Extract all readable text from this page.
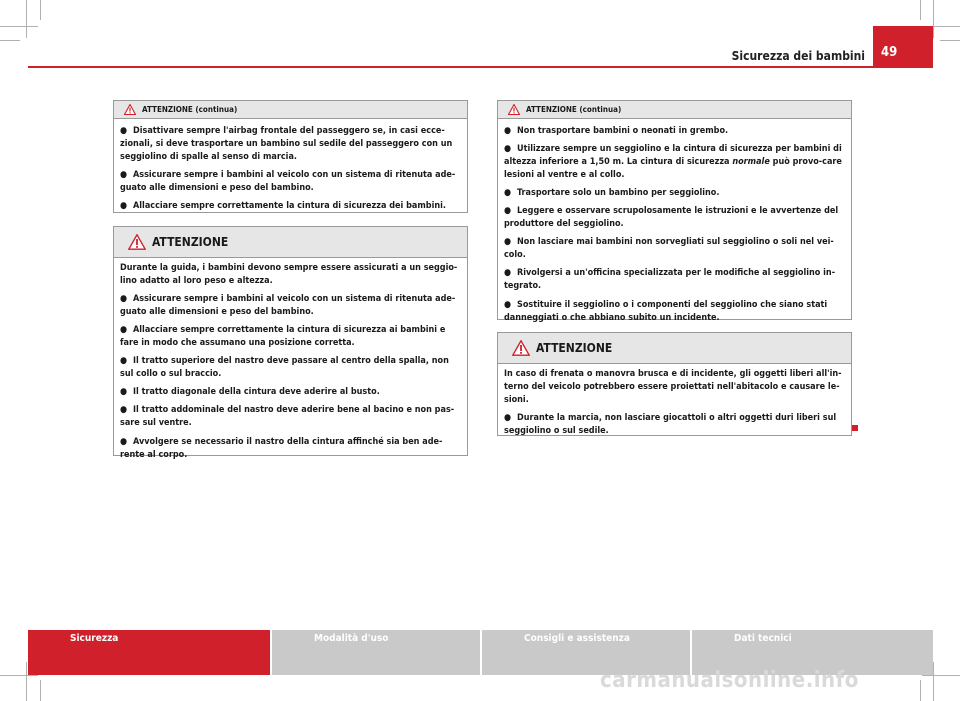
Sicurezza dei bambini 49
ATTENZIONE (continua)
● Disattivare sempre l'airbag frontale del passeggero se, in casi ecce-zionali, si deve trasportare un bambino sul sedile del passeggero con un seggiolino di spalle al senso di marcia.
● Assicurare sempre i bambini al veicolo con un sistema di ritenuta ade-guato alle dimensioni e peso del bambino.
● Allacciare sempre correttamente la cintura di sicurezza dei bambini.
ATTENZIONE

Durante la guida, i bambini devono sempre essere assicurati a un seggio-lino adatto al loro peso e altezza.

● Assicurare sempre i bambini al veicolo con un sistema di ritenuta ade-guato alle dimensioni e peso del bambino.
● Allacciare sempre correttamente la cintura di sicurezza ai bambini e fare in modo che assumano una posizione corretta.
● Il tratto superiore del nastro deve passare al centro della spalla, non sul collo o sul braccio.
● Il tratto diagonale della cintura deve aderire al busto.
● Il tratto addominale del nastro deve aderire bene al bacino e non pas-sare sul ventre.
● Avvolgere se necessario il nastro della cintura affinché sia ben ade-rente al corpo.
ATTENZIONE (continua)
● Non trasportare bambini o neonati in grembo.
● Utilizzare sempre un seggiolino e la cintura di sicurezza per bambini di altezza inferiore a 1,50 m. La cintura di sicurezza normale può provo-care lesioni al ventre e al collo.
● Trasportare solo un bambino per seggiolino.
● Leggere e osservare scrupolosamente le istruzioni e le avvertenze del produttore del seggiolino.
● Non lasciare mai bambini non sorvegliati sul seggiolino o soli nel vei-colo.
● Rivolgersi a un'officina specializzata per le modifiche al seggiolino in-tegrato.
● Sostituire il seggiolino o i componenti del seggiolino che siano stati danneggiati o che abbiano subito un incidente.
ATTENZIONE

In caso di frenata o manovra brusca e di incidente, gli oggetti liberi all'in-terno del veicolo potrebbero essere proiettati nell'abitacolo e causare le-sioni.

● Durante la marcia, non lasciare giocattoli o altri oggetti duri liberi sul seggiolino o sul sedile.
Sicurezza	Modalità d'uso	Consigli e assistenza	Dati tecnici
carmanualsonline.info
